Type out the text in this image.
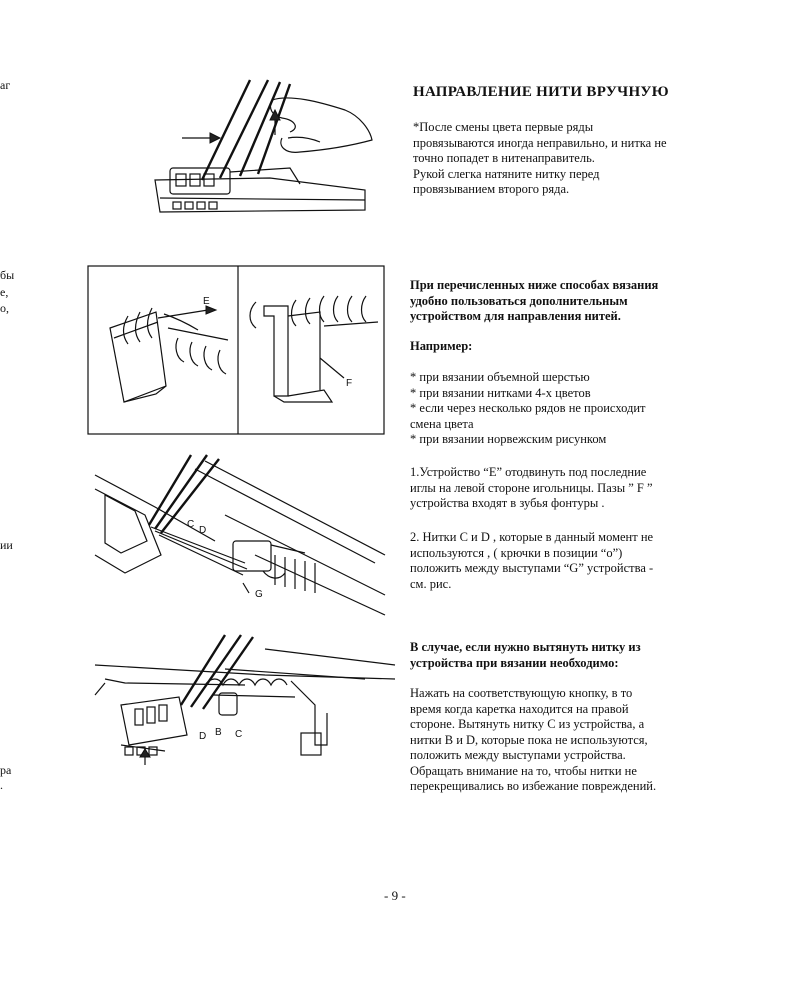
аг
бы
е,
о,
ии
ра
.
НАПРАВЛЕНИЕ НИТИ ВРУЧНУЮ
*После смены цвета первые ряды
провязываются иногда неправильно, и нитка не
точно попадет в нитенаправитель.
Рукой слегка натяните нитку перед
провязыванием второго ряда.
E
F
При перечисленных ниже способах вязания
удобно пользоваться дополнительным
устройством для направления нитей.
Например:
* при вязании объемной шерстью
* при вязании нитками 4-х цветов
* если через несколько рядов не происходит
смена цвета
* при вязании норвежским рисунком
C
D
G
1.Устройство “E” отодвинуть под последние
иглы на левой стороне игольницы. Пазы ” F ”
устройства входят в зубья фонтуры .
2. Нитки C и D , которые в данный момент не
используются , ( крючки в позиции “o”)
положить между выступами “G” устройства -
см. рис.
D B C
В случае, если нужно вытянуть нитку из
устройства при вязании необходимо:
Нажать на соответствующую кнопку, в то
время когда каретка находится на правой
стороне. Вытянуть нитку C из устройства, а
нитки B и D, которые пока не используются,
положить между выступами устройства.
Обращать внимание на то, чтобы нитки не
перекрещивались во избежание повреждений.
- 9 -
